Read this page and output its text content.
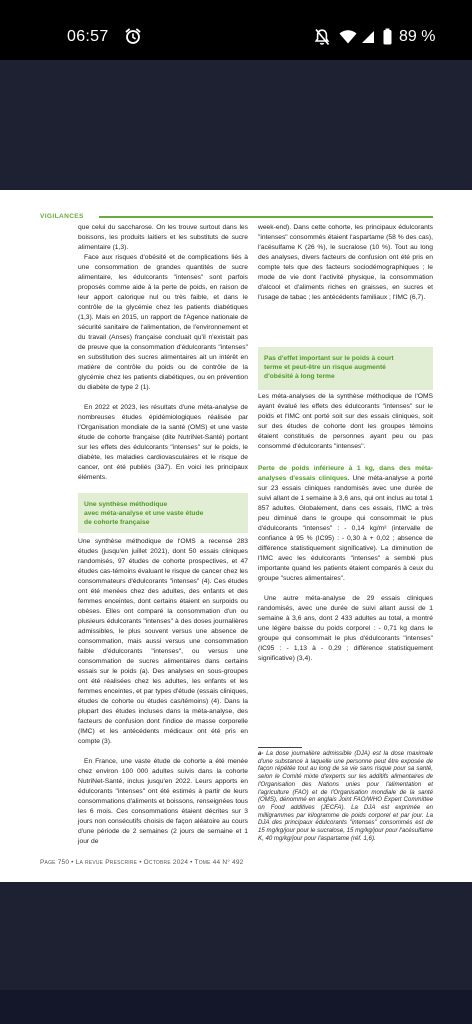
06:57	89 %
VIGILANCES

que celui du saccharose. On les trouve surtout dans les boissons, les produits laitiers et les substituts de sucre alimentaire (1,3).

Face aux risques d'obésité et de complications liés à une consommation de grandes quantités de sucre alimentaire, les édulcorants "intenses" sont parfois proposés comme aide à la perte de poids, en raison de leur apport calorique nul ou très faible, et dans le contrôle de la glycémie chez les patients diabétiques (1,3). Mais en 2015, un rapport de l'Agence nationale de sécurité sanitaire de l'alimentation, de l'environnement et du travail (Anses) française concluait qu'il n'existait pas de preuve que la consommation d'édulcorants "intenses" en substitution des sucres alimentaires ait un intérêt en matière de contrôle du poids ou de contrôle de la glycémie chez les patients diabétiques, ou en prévention du diabète de type 2 (1).

En 2022 et 2023, les résultats d'une méta-analyse de nombreuses études épidémiologiques réalisée par l'Organisation mondiale de la santé (OMS) et une vaste étude de cohorte française (dite NutriNet-Santé) portant sur les effets des édulcorants "intenses" sur le poids, le diabète, les maladies cardiovasculaires et le risque de cancer, ont été publiés (3à7). En voici les principaux éléments.

Une synthèse méthodique
avec méta-analyse et une vaste étude
de cohorte française

Une synthèse méthodique de l'OMS a recensé 283 études (jusqu'en juillet 2021), dont 50 essais cliniques randomisés, 97 études de cohorte prospectives, et 47 études cas-témoins évaluant le risque de cancer chez les consommateurs d'édulcorants "intenses" (4). Ces études ont été menées chez des adultes, des enfants et des femmes enceintes, dont certains étaient en surpoids ou obèses. Elles ont comparé la consommation d'un ou plusieurs édulcorants "intenses" à des doses journalières admissibles, le plus souvent versus une absence de consommation, mais aussi versus une consommation faible d'édulcorants "intenses", ou versus une consommation de sucres alimentaires dans certains essais sur le poids (a). Des analyses en sous-groupes ont été réalisées chez les adultes, les enfants et les femmes enceintes, et par types d'étude (essais cliniques, études de cohorte ou études cas/témoins) (4). Dans la plupart des études incluses dans la méta-analyse, des facteurs de confusion dont l'indice de masse corporelle (IMC) et les antécédents médicaux ont été pris en compte (3).

En France, une vaste étude de cohorte a été menée chez environ 100 000 adultes suivis dans la cohorte NutriNet-Santé, inclus jusqu'en 2022. Leurs apports en édulcorants "intenses" ont été estimés à partir de leurs consommations d'aliments et boissons, renseignées tous les 6 mois. Ces consommations étaient décrites sur 3 jours non consécutifs choisis de façon aléatoire au cours d'une période de 2 semaines (2 jours de semaine et 1 jour de

week-end). Dans cette cohorte, les principaux édulcorants "intenses" consommés étaient l'aspartame (58 % des cas), l'acésulfame K (26 %), le sucralose (10 %). Tout au long des analyses, divers facteurs de confusion ont été pris en compte tels que des facteurs sociodémographiques ; le mode de vie dont l'activité physique, la consommation d'alcool et d'aliments riches en graisses, en sucres et l'usage de tabac ; les antécédents familiaux ; l'IMC (6,7).

Pas d'effet important sur le poids à court
terme et peut-être un risque augmenté
d'obésité à long terme

Les méta-analyses de la synthèse méthodique de l'OMS ayant évalué les effets des édulcorants "intenses" sur le poids et l'IMC ont porté soit sur des essais cliniques, soit sur des études de cohorte dont les groupes témoins étaient constitués de personnes ayant peu ou pas consommé d'édulcorants "intenses".

Perte de poids inférieure à 1 kg, dans des méta-analyses d'essais cliniques. Une méta-analyse a porté sur 23 essais cliniques randomisés avec une durée de suivi allant de 1 semaine à 3,6 ans, qui ont inclus au total 1 857 adultes. Globalement, dans ces essais, l'IMC a très peu diminué dans le groupe qui consommait le plus d'édulcorants "intenses" : - 0,14 kg/m² (intervalle de confiance à 95 % (IC95) : - 0,30 à + 0,02 ; absence de différence statistiquement significative). La diminution de l'IMC avec les édulcorants "intenses" a semblé plus importante quand les patients étaient comparés à ceux du groupe "sucres alimentaires".

Une autre méta-analyse de 29 essais cliniques randomisés, avec une durée de suivi allant aussi de 1 semaine à 3,6 ans, dont 2 433 adultes au total, a montré une légère baisse du poids corporel : - 0,71 kg dans le groupe qui consommait le plus d'édulcorants "intenses" (IC95 : - 1,13 à - 0,29 ; différence statistiquement significative) (3,4).

a- La dose journalière admissible (DJA) est la dose maximale d'une substance à laquelle une personne peut être exposée de façon répétée tout au long de sa vie sans risque pour sa santé, selon le Comité mixte d'experts sur les additifs alimentaires de l'Organisation des Nations unies pour l'alimentation et l'agriculture (FAO) et de l'Organisation mondiale de la santé (OMS), dénommé en anglais Joint FAO/WHO Expert Committee on Food additives (JECFA). La DJA est exprimée en milligrammes par kilogramme de poids corporel et par jour. La DJA des principaux édulcorants "intenses" consommés est de 15 mg/kg/jour pour le sucralose, 15 mg/kg/jour pour l'acésulfame K, 40 mg/kg/jour pour l'aspartame (réf. 1,6).

Page 750 • La revue Prescrire • Octobre 2024 • Tome 44 N° 492
